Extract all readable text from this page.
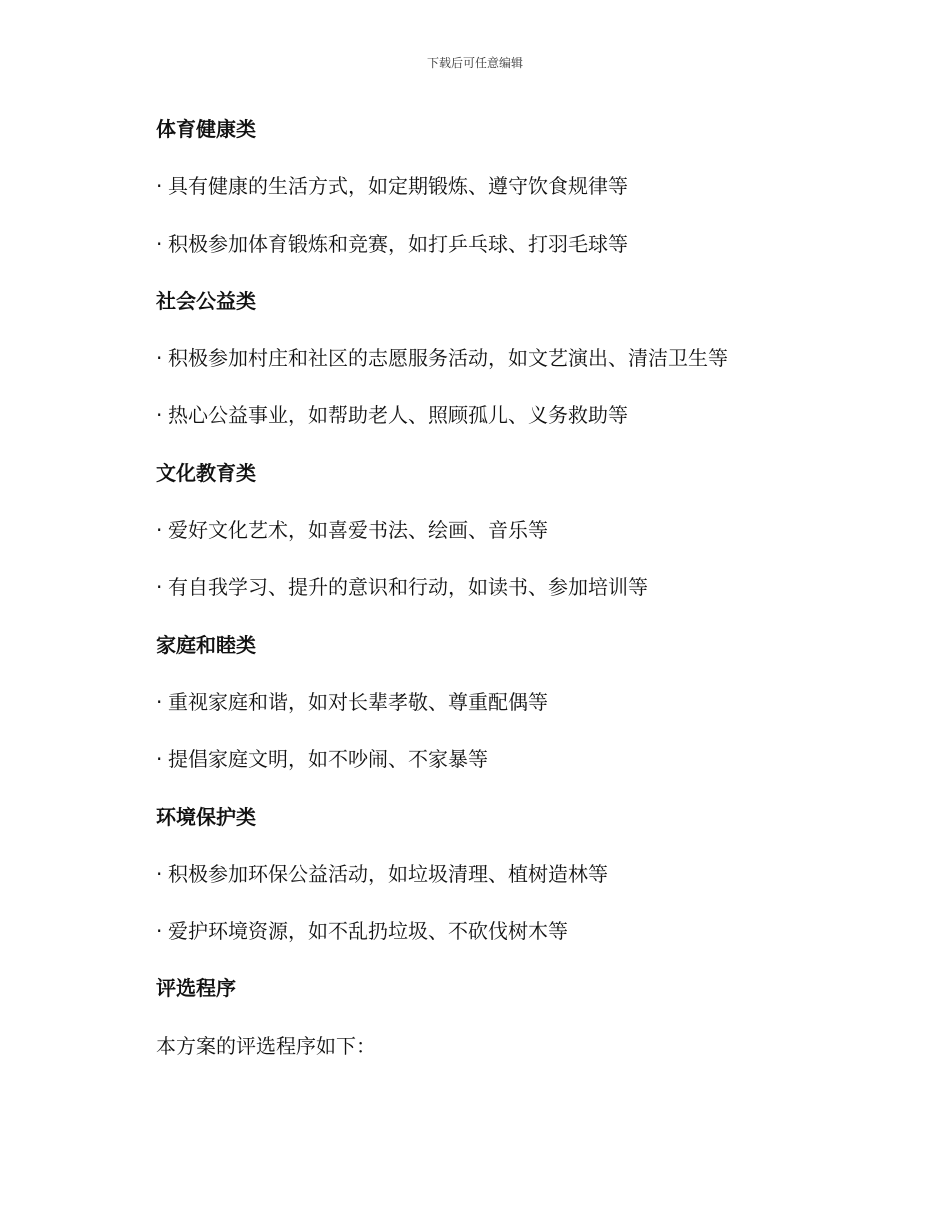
下载后可任意编辑
体育健康类
· 具有健康的生活方式，如定期锻炼、遵守饮食规律等
· 积极参加体育锻炼和竞赛，如打乒乓球、打羽毛球等
社会公益类
· 积极参加村庄和社区的志愿服务活动，如文艺演出、清洁卫生等
· 热心公益事业，如帮助老人、照顾孤儿、义务救助等
文化教育类
· 爱好文化艺术，如喜爱书法、绘画、音乐等
· 有自我学习、提升的意识和行动，如读书、参加培训等
家庭和睦类
· 重视家庭和谐，如对长辈孝敬、尊重配偶等
· 提倡家庭文明，如不吵闹、不家暴等
环境保护类
· 积极参加环保公益活动，如垃圾清理、植树造林等
· 爱护环境资源，如不乱扔垃圾、不砍伐树木等
评选程序
本方案的评选程序如下：
